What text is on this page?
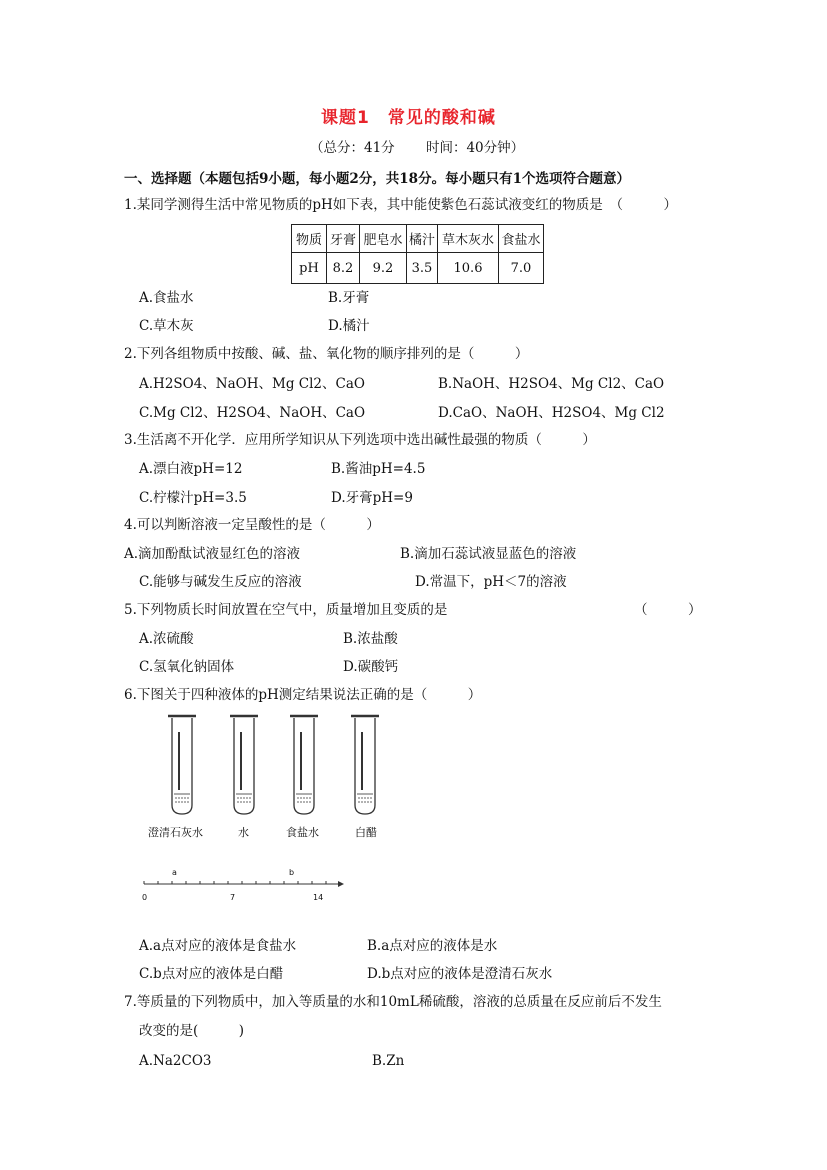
课题1　常见的酸和碱
（总分：41分　　 时间：40分钟）
一、选择题（本题包括9小题，每小题2分，共18分。每小题只有1个选项符合题意）
1.某同学测得生活中常见物质的pH如下表，其中能使紫色石蕊试液变红的物质是　（　　　）
物质	牙膏	肥皂水	橘汁	草木灰水	食盐水
pH	8.2	9.2	3.5	10.6	7.0
A.食盐水	B.牙膏
C.草木灰	D.橘汁
2.下列各组物质中按酸、碱、盐、氧化物的顺序排列的是（　　　）
A.H2SO4、NaOH、Mg Cl2、CaO	B.NaOH、H2SO4、Mg Cl2、CaO
C.Mg Cl2、H2SO4、NaOH、CaO	D.CaO、NaOH、H2SO4、Mg Cl2
3.生活离不开化学．应用所学知识从下列选项中选出碱性最强的物质（　　　）
A.漂白液pH=12	B.酱油pH=4.5
C.柠檬汁pH=3.5	D.牙膏pH=9
4.可以判断溶液一定呈酸性的是（　　　）
A.滴加酚酞试液显红色的溶液	B.滴加石蕊试液显蓝色的溶液
C.能够与碱发生反应的溶液	D.常温下，pH＜7的溶液
5.下列物质长时间放置在空气中，质量增加且变质的是	（　　　）
A.浓硫酸	B.浓盐酸
C.氢氧化钠固体	D.碳酸钙
6.下图关于四种液体的pH测定结果说法正确的是（　　　）
澄清石灰水	水	食盐水	白醋
a	b
0	7	14
A.a点对应的液体是食盐水	B.a点对应的液体是水
C.b点对应的液体是白醋	D.b点对应的液体是澄清石灰水
7.等质量的下列物质中，加入等质量的水和10mL稀硫酸，溶液的总质量在反应前后不发生
改变的是(　　　)
A.Na2CO3	B.Zn
